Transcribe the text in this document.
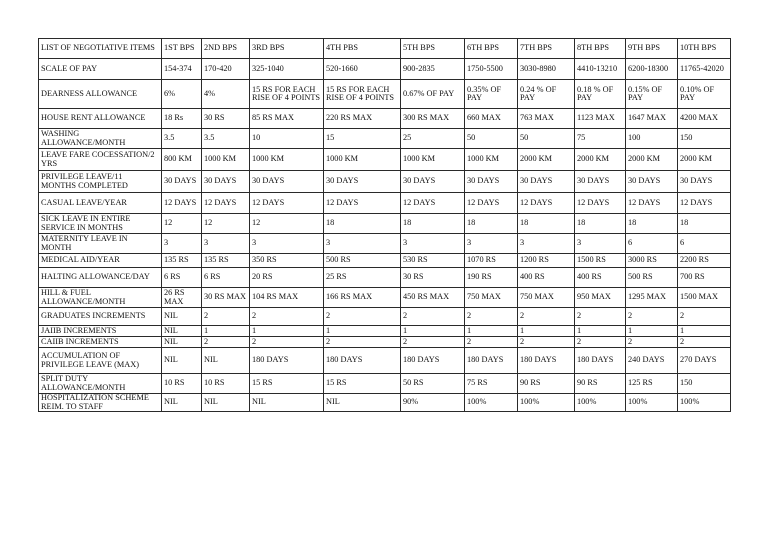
LIST OF NEGOTIATIVE ITEMS	1ST BPS	2ND BPS	3RD BPS	4TH PBS	5TH BPS	6TH BPS	7TH BPS	8TH BPS	9TH BPS	10TH BPS
SCALE OF PAY	154-374	170-420	325-1040	520-1660	900-2835	1750-5500	3030-8980	4410-13210	6200-18300	11765-42020
DEARNESS ALLOWANCE	6%	4%	15 RS FOR EACH RISE OF 4 POINTS	15 RS FOR EACH RISE OF 4 POINTS	0.67% OF PAY	0.35% OF PAY	0.24 % OF PAY	0.18 % OF PAY	0.15% OF PAY	0.10% OF PAY
HOUSE RENT ALLOWANCE	18 Rs	30 RS	85 RS MAX	220 RS MAX	300 RS MAX	660 MAX	763 MAX	1123 MAX	1647 MAX	4200 MAX
WASHING ALLOWANCE/MONTH	3.5	3.5	10	15	25	50	50	75	100	150
LEAVE FARE COCESSATION/2 YRS	800 KM	1000 KM	1000 KM	1000 KM	1000 KM	1000 KM	2000 KM	2000 KM	2000 KM	2000 KM
PRIVILEGE LEAVE/11 MONTHS COMPLETED	30 DAYS	30 DAYS	30 DAYS	30 DAYS	30 DAYS	30 DAYS	30 DAYS	30 DAYS	30 DAYS	30 DAYS
CASUAL LEAVE/YEAR	12 DAYS	12 DAYS	12 DAYS	12 DAYS	12 DAYS	12 DAYS	12 DAYS	12 DAYS	12 DAYS	12 DAYS
SICK LEAVE IN ENTIRE SERVICE IN MONTHS	12	12	12	18	18	18	18	18	18	18
MATERNITY LEAVE IN MONTH	3	3	3	3	3	3	3	3	6	6
MEDICAL AID/YEAR	135 RS	135 RS	350 RS	500 RS	530 RS	1070 RS	1200 RS	1500 RS	3000 RS	2200 RS
HALTING ALLOWANCE/DAY	6 RS	6 RS	20 RS	25 RS	30 RS	190 RS	400 RS	400 RS	500 RS	700 RS
HILL & FUEL ALLOWANCE/MONTH	26 RS MAX	30 RS MAX	104 RS MAX	166 RS MAX	450 RS MAX	750 MAX	750 MAX	950 MAX	1295 MAX	1500 MAX
GRADUATES INCREMENTS	NIL	2	2	2	2	2	2	2	2	2
JAIIB INCREMENTS	NIL	1	1	1	1	1	1	1	1	1
CAIIB INCREMENTS	NIL	2	2	2	2	2	2	2	2	2
ACCUMULATION OF PRIVILEGE LEAVE (MAX)	NIL	NIL	180 DAYS	180 DAYS	180 DAYS	180 DAYS	180 DAYS	180 DAYS	240 DAYS	270 DAYS
SPLIT DUTY ALLOWANCE/MONTH	10 RS	10 RS	15 RS	15 RS	50 RS	75 RS	90 RS	90 RS	125 RS	150
HOSPITALIZATION SCHEME REIM. TO STAFF	NIL	NIL	NIL	NIL	90%	100%	100%	100%	100%	100%
